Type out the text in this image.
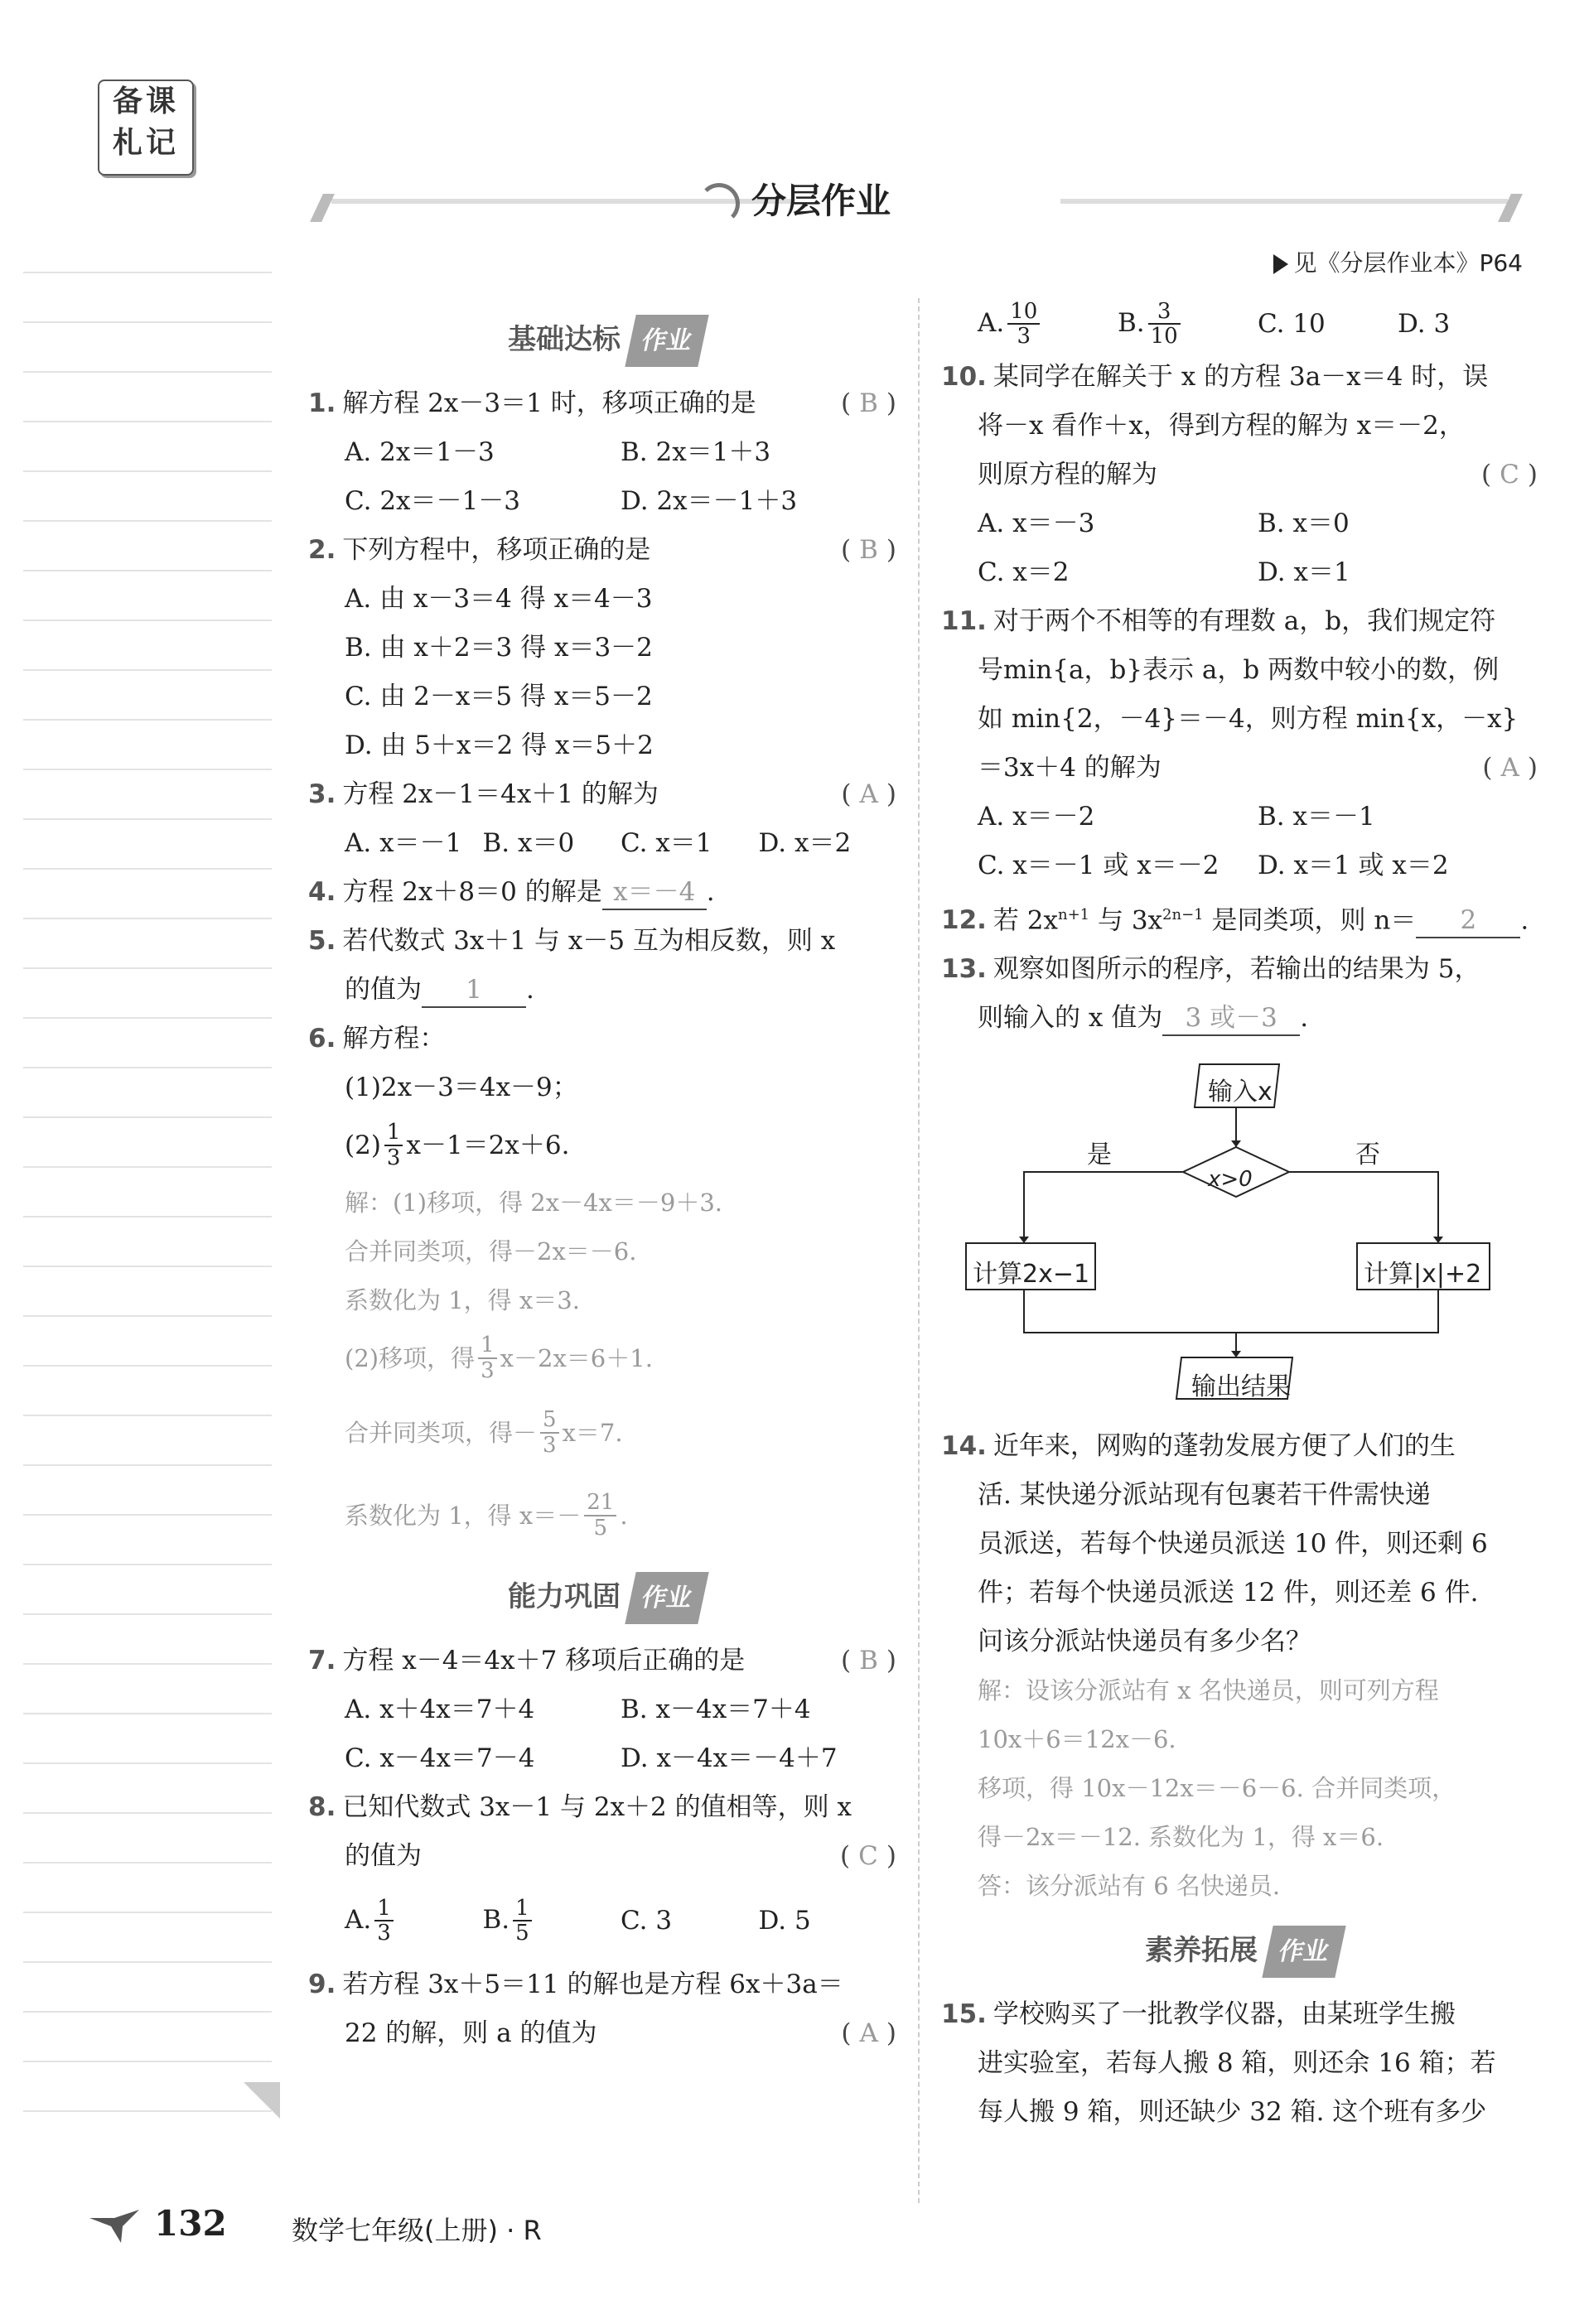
备课
札记
分层作业
见《分层作业本》P64
基础达标 作业
1. 解方程 2x－3＝1 时，移项正确的是	( B )
A. 2x＝1－3	B. 2x＝1＋3
C. 2x＝－1－3	D. 2x＝－1＋3
2. 下列方程中，移项正确的是	( B )
A. 由 x－3＝4 得 x＝4－3
B. 由 x＋2＝3 得 x＝3－2
C. 由 2－x＝5 得 x＝5－2
D. 由 5＋x＝2 得 x＝5＋2
3. 方程 2x－1＝4x＋1 的解为	( A )
A. x＝－1 B. x＝0	C. x＝1	D. x＝2
4. 方程 2x＋8＝0 的解是 x＝－4 .
5. 若代数式 3x＋1 与 x－5 互为相反数，则 x
的值为 1 .
6. 解方程：
(1)2x－3＝4x－9；
$(2) \frac{1}{3} x-1=2x+6$.
解：(1)移项，得 2x－4x＝－9＋3.
合并同类项，得－2x＝－6.
系数化为 1，得 x＝3.
(2)移项，得 $\frac{1}{3} x-2x=6+1$.
合并同类项，得－ $\frac{5}{3} x=7$.
系数化为 1，得 $x=- \frac{21}{5}$ .
能力巩固 作业
7. 方程 x－4＝4x＋7 移项后正确的是	( B )
A. x＋4x＝7＋4	B. x－4x＝7＋4
C. x－4x＝7－4	D. x－4x＝－4＋7
8. 已知代数式 3x－1 与 2x＋2 的值相等，则 x
的值为	( C )
A. $\frac{1}{3}$	B. $\frac{1}{5}$	C. 3	D. 5
9. 若方程 3x＋5＝11 的解也是方程 6x＋3a＝
22 的解，则 a 的值为	( A )
A. $\frac{10}{3}$	B. $\frac{3}{10}$	C. 10	D. 3
10. 某同学在解关于 x 的方程 3a－x＝4 时，误
将－x 看作＋x，得到方程的解为 x＝－2，
则原方程的解为	( C )
A. x＝－3	B. x＝0
C. x＝2	D. x＝1
11. 对于两个不相等的有理数 a，b，我们规定符
号min{a，b}表示 a，b 两数中较小的数，例
如 min{2，－4}＝－4，则方程 min{x，－x}
＝3x＋4 的解为	( A )
A. x＝－2	B. x＝－1
C. x＝－1 或 x＝－2	D. x＝1 或 x＝2
12. 若 $2x^{n+1}$ 与 $3x^{2n-1}$ 是同类项，则 n＝ 2 .
13. 观察如图所示的程序，若输出的结果为 5，
则输入的 x 值为 3 或－3 .
输入x
x>0
是	否
计算2x−1	计算|x|+2
输出结果
14. 近年来，网购的蓬勃发展方便了人们的生
活. 某快递分派站现有包裹若干件需快递
员派送，若每个快递员派送 10 件，则还剩 6
件；若每个快递员派送 12 件，则还差 6 件.
问该分派站快递员有多少名？
解：设该分派站有 x 名快递员，则可列方程
10x＋6＝12x－6.
移项，得 10x－12x＝－6－6. 合并同类项，
得－2x＝－12. 系数化为 1，得 x＝6.
答：该分派站有 6 名快递员.
素养拓展 作业
15. 学校购买了一批教学仪器，由某班学生搬
进实验室，若每人搬 8 箱，则还余 16 箱；若
每人搬 9 箱，则还缺少 32 箱. 这个班有多少
132 数学七年级(上册) · R
